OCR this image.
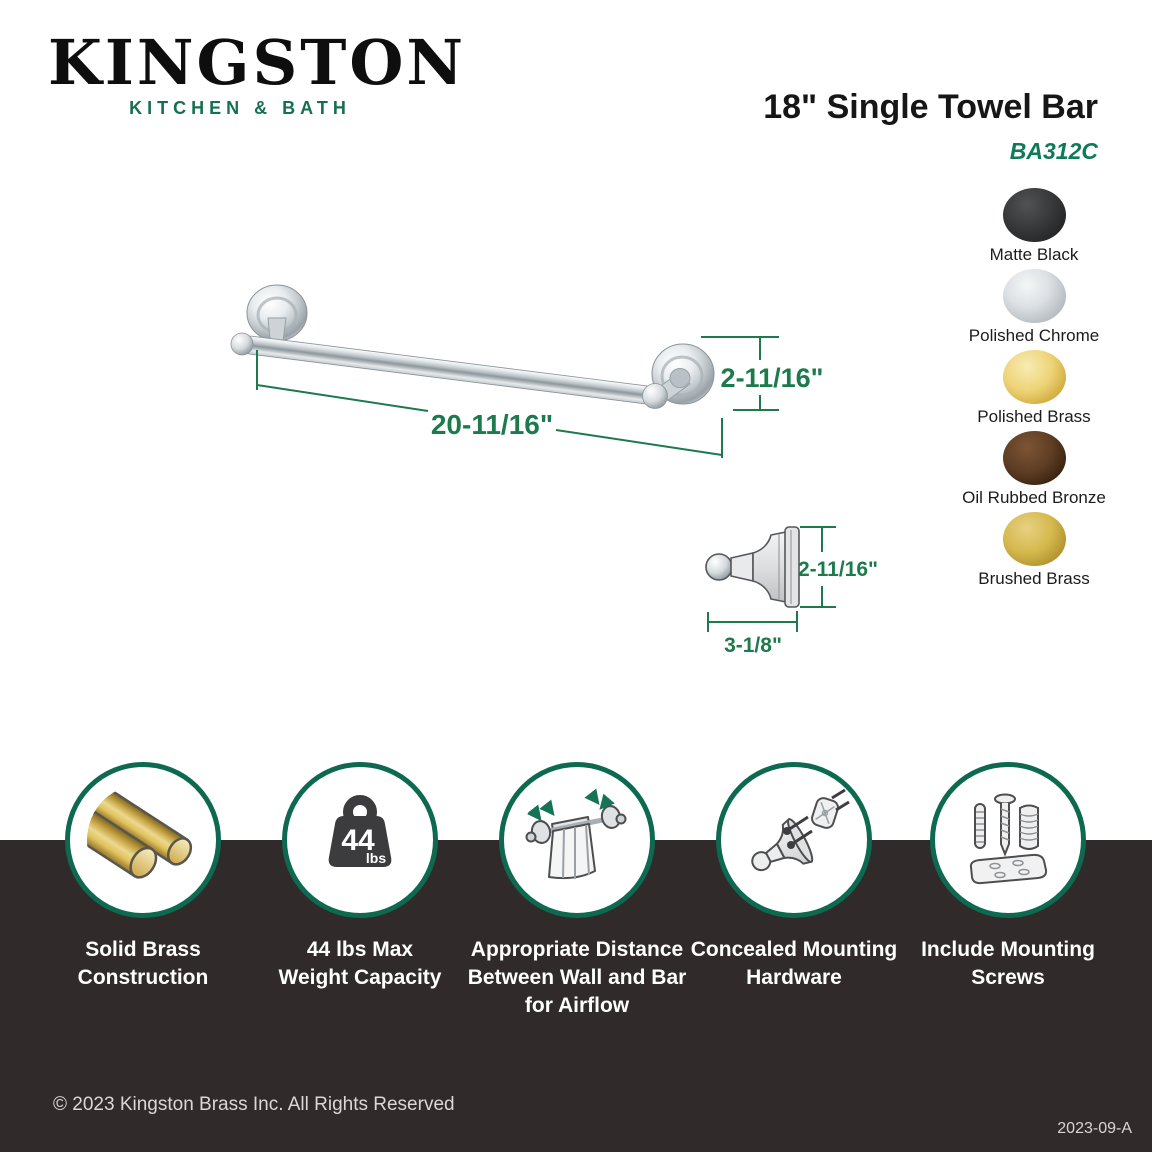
KINGSTON
KITCHEN & BATH	18" Single Towel Bar
BA312C
Matte Black
Polished Chrome
Polished Brass
Oil Rubbed Bronze
Brushed Brass
20-11/16"
2-11/16"
2-11/16"
3-1/8"
Solid Brass Construction
44
lbs
44 lbs Max Weight Capacity
Appropriate Distance Between Wall and Bar for Airflow
Concealed Mounting Hardware
Include Mounting Screws
© 2023 Kingston Brass Inc. All Rights Reserved
2023-09-A
